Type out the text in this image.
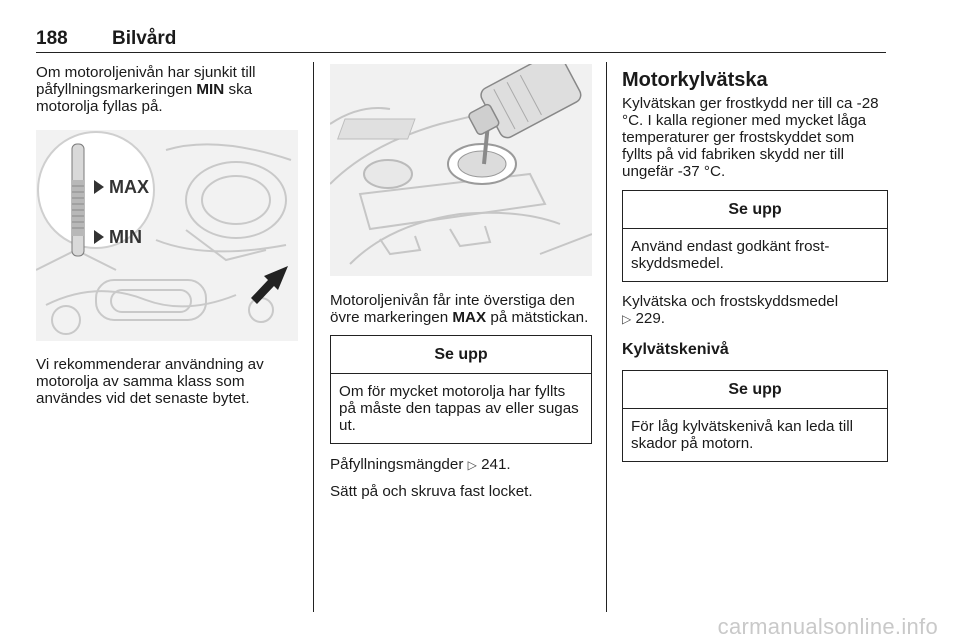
188 Bilvård

Om motoroljenivån har sjunkit till påfyllningsmarkeringen MIN ska motorolja fyllas på.

MAX
MIN

Vi rekommenderar användning av motorolja av samma klass som användes vid det senaste bytet.

Motoroljenivån får inte överstiga den övre markeringen MAX på mätstickan.

Se upp
Om för mycket motorolja har fyllts på måste den tappas av eller sugas ut.

Påfyllningsmängder ▷ 241.

Sätt på och skruva fast locket.

Motorkylvätska

Kylvätskan ger frostkydd ner till ca -28 °C. I kalla regioner med mycket låga temperaturer ger frostskyddet som fyllts på vid fabriken skydd ner till ungefär -37 °C.

Se upp
Använd endast godkänt frost-skyddsmedel.

Kylvätska och frostskyddsmedel
▷ 229.

Kylvätskenivå
Se upp
För låg kylvätskenivå kan leda till skador på motorn.
carmanualsonline.info
